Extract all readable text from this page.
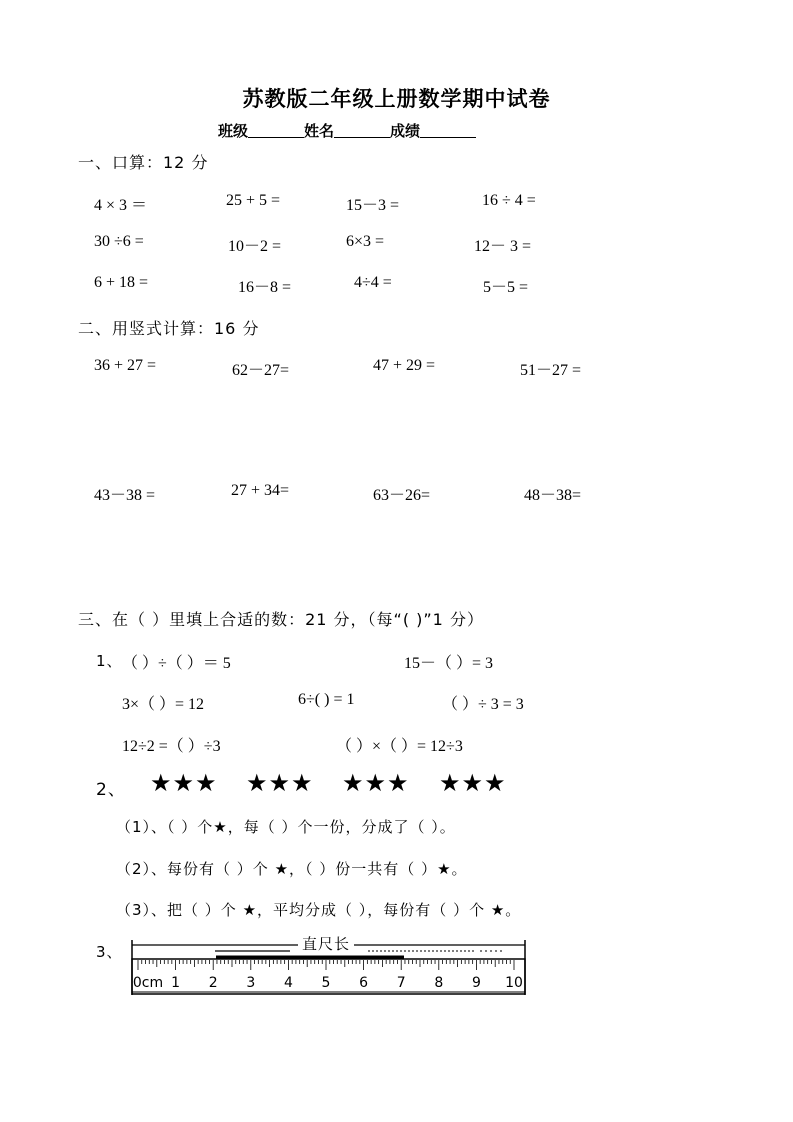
苏教版二年级上册数学期中试卷
班级	姓名	成绩
一、口算：12 分
4 × 3 ＝	25 + 5 =	15－3 =	16 ÷ 4 =
30 ÷6 =	10－2 =	6×3 =	12－ 3 =
6 + 18 =	16－8 =	4÷4 =	5－5 =
二、用竖式计算：16 分
36 + 27 =	62－27=	47 + 29 =	51－27 =
43－38 =	27 + 34=	63－26=	48－38=
三、在（ ）里填上合适的数：21 分，（每“( )”1 分）
1、 （ ）÷（ ）＝ 5	15－（ ）= 3
3×（ ）= 12	6÷( ) = 1	（ ）÷ 3 = 3
12÷2 =（ ）÷3	（ ）×（ ）= 12÷3
2、 ★★★ ★★★ ★★★ ★★★
（1）、（ ）个★，每（ ）个一份，分成了（ ）。
（2）、每份有（ ）个 ★，（ ）份一共有（ ）★。
（3）、把（ ）个 ★，平均分成（ ），每份有（ ）个 ★。
3、
0cm 1 2 3 4 5 6 7 8 9 10
直尺长
